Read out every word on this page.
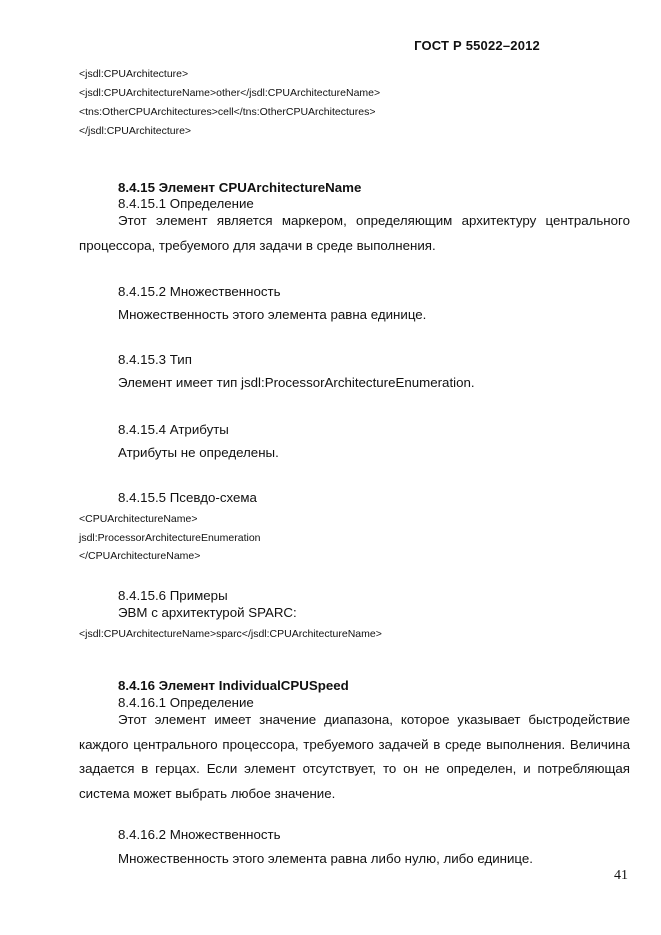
ГОСТ Р 55022–2012
<jsdl:CPUArchitecture>
<jsdl:CPUArchitectureName>other</jsdl:CPUArchitectureName>
<tns:OtherCPUArchitectures>cell</tns:OtherCPUArchitectures>
</jsdl:CPUArchitecture>
8.4.15 Элемент CPUArchitectureName
8.4.15.1 Определение
Этот элемент является маркером, определяющим архитектуру центрального процессора, требуемого для задачи в среде выполнения.
8.4.15.2 Множественность
Множественность этого элемента равна единице.
8.4.15.3 Тип
Элемент имеет тип jsdl:ProcessorArchitectureEnumeration.
8.4.15.4 Атрибуты
Атрибуты не определены.
8.4.15.5 Псевдо-схема
<CPUArchitectureName>
jsdl:ProcessorArchitectureEnumeration
</CPUArchitectureName>
8.4.15.6 Примеры
ЭВМ с архитектурой SPARC:
<jsdl:CPUArchitectureName>sparc</jsdl:CPUArchitectureName>
8.4.16 Элемент IndividualCPUSpeed
8.4.16.1 Определение
Этот элемент имеет значение диапазона, которое указывает быстродействие каждого центрального процессора, требуемого задачей в среде выполнения. Величина задается в герцах. Если элемент отсутствует, то он не определен, и потребляющая система может выбрать любое значение.
8.4.16.2 Множественность
Множественность этого элемента равна либо нулю, либо единице.
41
